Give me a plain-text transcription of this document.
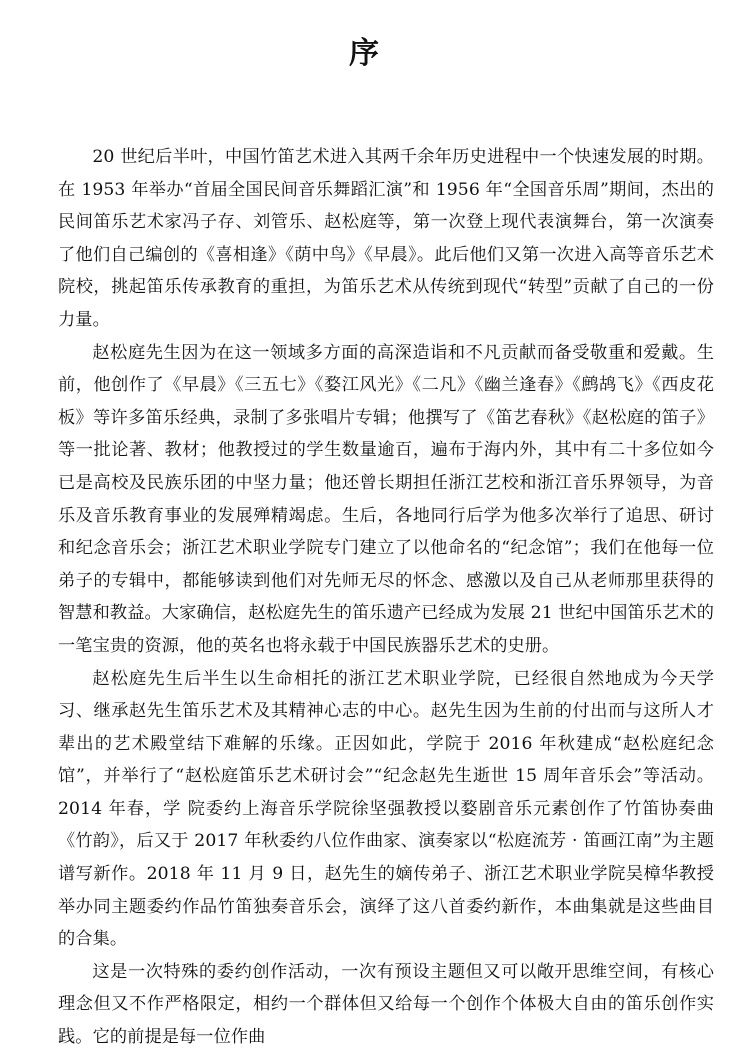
序

20 世纪后半叶，中国竹笛艺术进入其两千余年历史进程中一个快速发展的时期。在 1953 年举办“首届全国民间音乐舞蹈汇演”和 1956 年“全国音乐周”期间，杰出的民间笛乐艺术家冯子存、刘管乐、赵松庭等，第一次登上现代表演舞台，第一次演奏了他们自己编创的《喜相逢》《荫中鸟》《早晨》。此后他们又第一次进入高等音乐艺术院校，挑起笛乐传承教育的重担，为笛乐艺术从传统到现代“转型”贡献了自己的一份力量。

赵松庭先生因为在这一领域多方面的高深造诣和不凡贡献而备受敬重和爱戴。生前，他创作了《早晨》《三五七》《婺江风光》《二凡》《幽兰逢春》《鹧鸪飞》《西皮花板》等许多笛乐经典，录制了多张唱片专辑；他撰写了《笛艺春秋》《赵松庭的笛子》等一批论著、教材；他教授过的学生数量逾百，遍布于海内外，其中有二十多位如今已是高校及民族乐团的中坚力量；他还曾长期担任浙江艺校和浙江音乐界领导，为音乐及音乐教育事业的发展殚精竭虑。生后，各地同行后学为他多次举行了追思、研讨和纪念音乐会；浙江艺术职业学院专门建立了以他命名的“纪念馆”；我们在他每一位弟子的专辑中，都能够读到他们对先师无尽的怀念、感激以及自己从老师那里获得的智慧和教益。大家确信，赵松庭先生的笛乐遗产已经成为发展 21 世纪中国笛乐艺术的一笔宝贵的资源，他的英名也将永载于中国民族器乐艺术的史册。

赵松庭先生后半生以生命相托的浙江艺术职业学院，已经很自然地成为今天学习、继承赵先生笛乐艺术及其精神心志的中心。赵先生因为生前的付出而与这所人才辈出的艺术殿堂结下难解的乐缘。正因如此，学院于 2016 年秋建成“赵松庭纪念馆”，并举行了“赵松庭笛乐艺术研讨会”“纪念赵先生逝世 15 周年音乐会”等活动。2014 年春，学 院委约上海音乐学院徐坚强教授以婺剧音乐元素创作了竹笛协奏曲《竹韵》，后又于 2017 年秋委约八位作曲家、演奏家以“松庭流芳 · 笛画江南”为主题谱写新作。2018 年 11 月 9 日，赵先生的嫡传弟子、浙江艺术职业学院吴樟华教授举办同主题委约作品竹笛独奏音乐会，演绎了这八首委约新作，本曲集就是这些曲目的合集。

这是一次特殊的委约创作活动，一次有预设主题但又可以敞开思维空间，有核心理念但又不作严格限定，相约一个群体但又给每一个创作个体极大自由的笛乐创作实践。它的前提是每一位作曲
